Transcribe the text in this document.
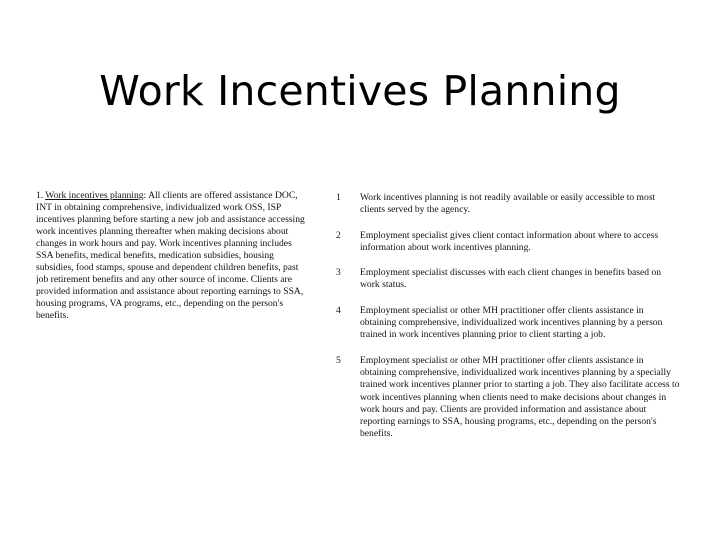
Work Incentives Planning
1. Work incentives planning: All clients are offered assistance DOC, INT in obtaining comprehensive, individualized work OSS, ISP incentives planning before starting a new job and assistance accessing work incentives planning thereafter when making decisions about changes in work hours and pay. Work incentives planning includes SSA benefits, medical benefits, medication subsidies, housing subsidies, food stamps, spouse and dependent children benefits, past job retirement benefits and any other source of income. Clients are provided information and assistance about reporting earnings to SSA, housing programs, VA programs, etc., depending on the person's benefits.
1	Work incentives planning is not readily available or easily accessible to most clients served by the agency.
2	Employment specialist gives client contact information about where to access information about work incentives planning.
3	Employment specialist discusses with each client changes in benefits based on work status.
4	Employment specialist or other MH practitioner offer clients assistance in obtaining comprehensive, individualized work incentives planning by a person trained in work incentives planning prior to client starting a job.
5	Employment specialist or other MH practitioner offer clients assistance in obtaining comprehensive, individualized work incentives planning by a specially trained work incentives planner prior to starting a job. They also facilitate access to work incentives planning when clients need to make decisions about changes in work hours and pay. Clients are provided information and assistance about reporting earnings to SSA, housing programs, etc., depending on the person's benefits.
